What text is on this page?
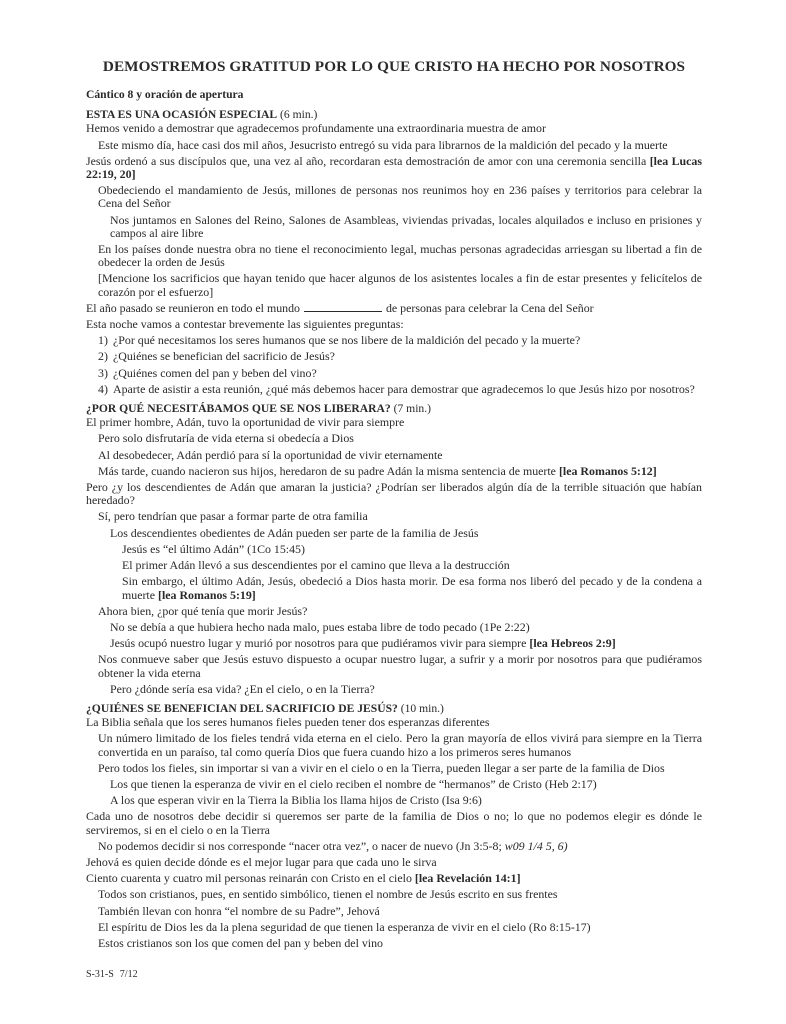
DEMOSTREMOS GRATITUD POR LO QUE CRISTO HA HECHO POR NOSOTROS
Cántico 8 y oración de apertura
ESTA ES UNA OCASIÓN ESPECIAL (6 min.)
Hemos venido a demostrar que agradecemos profundamente una extraordinaria muestra de amor
Este mismo día, hace casi dos mil años, Jesucristo entregó su vida para librarnos de la maldición del pecado y la muerte
Jesús ordenó a sus discípulos que, una vez al año, recordaran esta demostración de amor con una ceremonia sencilla [lea Lucas 22:19, 20]
Obedeciendo el mandamiento de Jesús, millones de personas nos reunimos hoy en 236 países y territorios para celebrar la Cena del Señor
Nos juntamos en Salones del Reino, Salones de Asambleas, viviendas privadas, locales alquilados e incluso en prisiones y campos al aire libre
En los países donde nuestra obra no tiene el reconocimiento legal, muchas personas agradecidas arriesgan su libertad a fin de obedecer la orden de Jesús
[Mencione los sacrificios que hayan tenido que hacer algunos de los asistentes locales a fin de estar presentes y felicítelos de corazón por el esfuerzo]
El año pasado se reunieron en todo el mundo	de personas para celebrar la Cena del Señor
Esta noche vamos a contestar brevemente las siguientes preguntas:
1) ¿Por qué necesitamos los seres humanos que se nos libere de la maldición del pecado y la muerte?
2) ¿Quiénes se benefician del sacrificio de Jesús?
3) ¿Quiénes comen del pan y beben del vino?
4) Aparte de asistir a esta reunión, ¿qué más debemos hacer para demostrar que agradecemos lo que Jesús hizo por nosotros?
¿POR QUÉ NECESITÁBAMOS QUE SE NOS LIBERARA? (7 min.)
El primer hombre, Adán, tuvo la oportunidad de vivir para siempre
Pero solo disfrutaría de vida eterna si obedecía a Dios
Al desobedecer, Adán perdió para sí la oportunidad de vivir eternamente
Más tarde, cuando nacieron sus hijos, heredaron de su padre Adán la misma sentencia de muerte [lea Romanos 5:12]
Pero ¿y los descendientes de Adán que amaran la justicia? ¿Podrían ser liberados algún día de la terrible situación que habían heredado?
Sí, pero tendrían que pasar a formar parte de otra familia
Los descendientes obedientes de Adán pueden ser parte de la familia de Jesús
Jesús es “el último Adán” (1Co 15:45)
El primer Adán llevó a sus descendientes por el camino que lleva a la destrucción
Sin embargo, el último Adán, Jesús, obedeció a Dios hasta morir. De esa forma nos liberó del pecado y de la condena a muerte [lea Romanos 5:19]
Ahora bien, ¿por qué tenía que morir Jesús?
No se debía a que hubiera hecho nada malo, pues estaba libre de todo pecado (1Pe 2:22)
Jesús ocupó nuestro lugar y murió por nosotros para que pudiéramos vivir para siempre [lea Hebreos 2:9]
Nos conmueve saber que Jesús estuvo dispuesto a ocupar nuestro lugar, a sufrir y a morir por nosotros para que pudiéramos obtener la vida eterna
Pero ¿dónde sería esa vida? ¿En el cielo, o en la Tierra?
¿QUIÉNES SE BENEFICIAN DEL SACRIFICIO DE JESÚS? (10 min.)
La Biblia señala que los seres humanos fieles pueden tener dos esperanzas diferentes
Un número limitado de los fieles tendrá vida eterna en el cielo. Pero la gran mayoría de ellos vivirá para siempre en la Tierra convertida en un paraíso, tal como quería Dios que fuera cuando hizo a los primeros seres humanos
Pero todos los fieles, sin importar si van a vivir en el cielo o en la Tierra, pueden llegar a ser parte de la familia de Dios
Los que tienen la esperanza de vivir en el cielo reciben el nombre de “hermanos” de Cristo (Heb 2:17)
A los que esperan vivir en la Tierra la Biblia los llama hijos de Cristo (Isa 9:6)
Cada uno de nosotros debe decidir si queremos ser parte de la familia de Dios o no; lo que no podemos elegir es dónde le serviremos, si en el cielo o en la Tierra
No podemos decidir si nos corresponde “nacer otra vez”, o nacer de nuevo (Jn 3:5-8; w09 1/4 5, 6)
Jehová es quien decide dónde es el mejor lugar para que cada uno le sirva
Ciento cuarenta y cuatro mil personas reinarán con Cristo en el cielo [lea Revelación 14:1]
Todos son cristianos, pues, en sentido simbólico, tienen el nombre de Jesús escrito en sus frentes
También llevan con honra “el nombre de su Padre”, Jehová
El espíritu de Dios les da la plena seguridad de que tienen la esperanza de vivir en el cielo (Ro 8:15-17)
Estos cristianos son los que comen del pan y beben del vino
S-31-S 7/12
